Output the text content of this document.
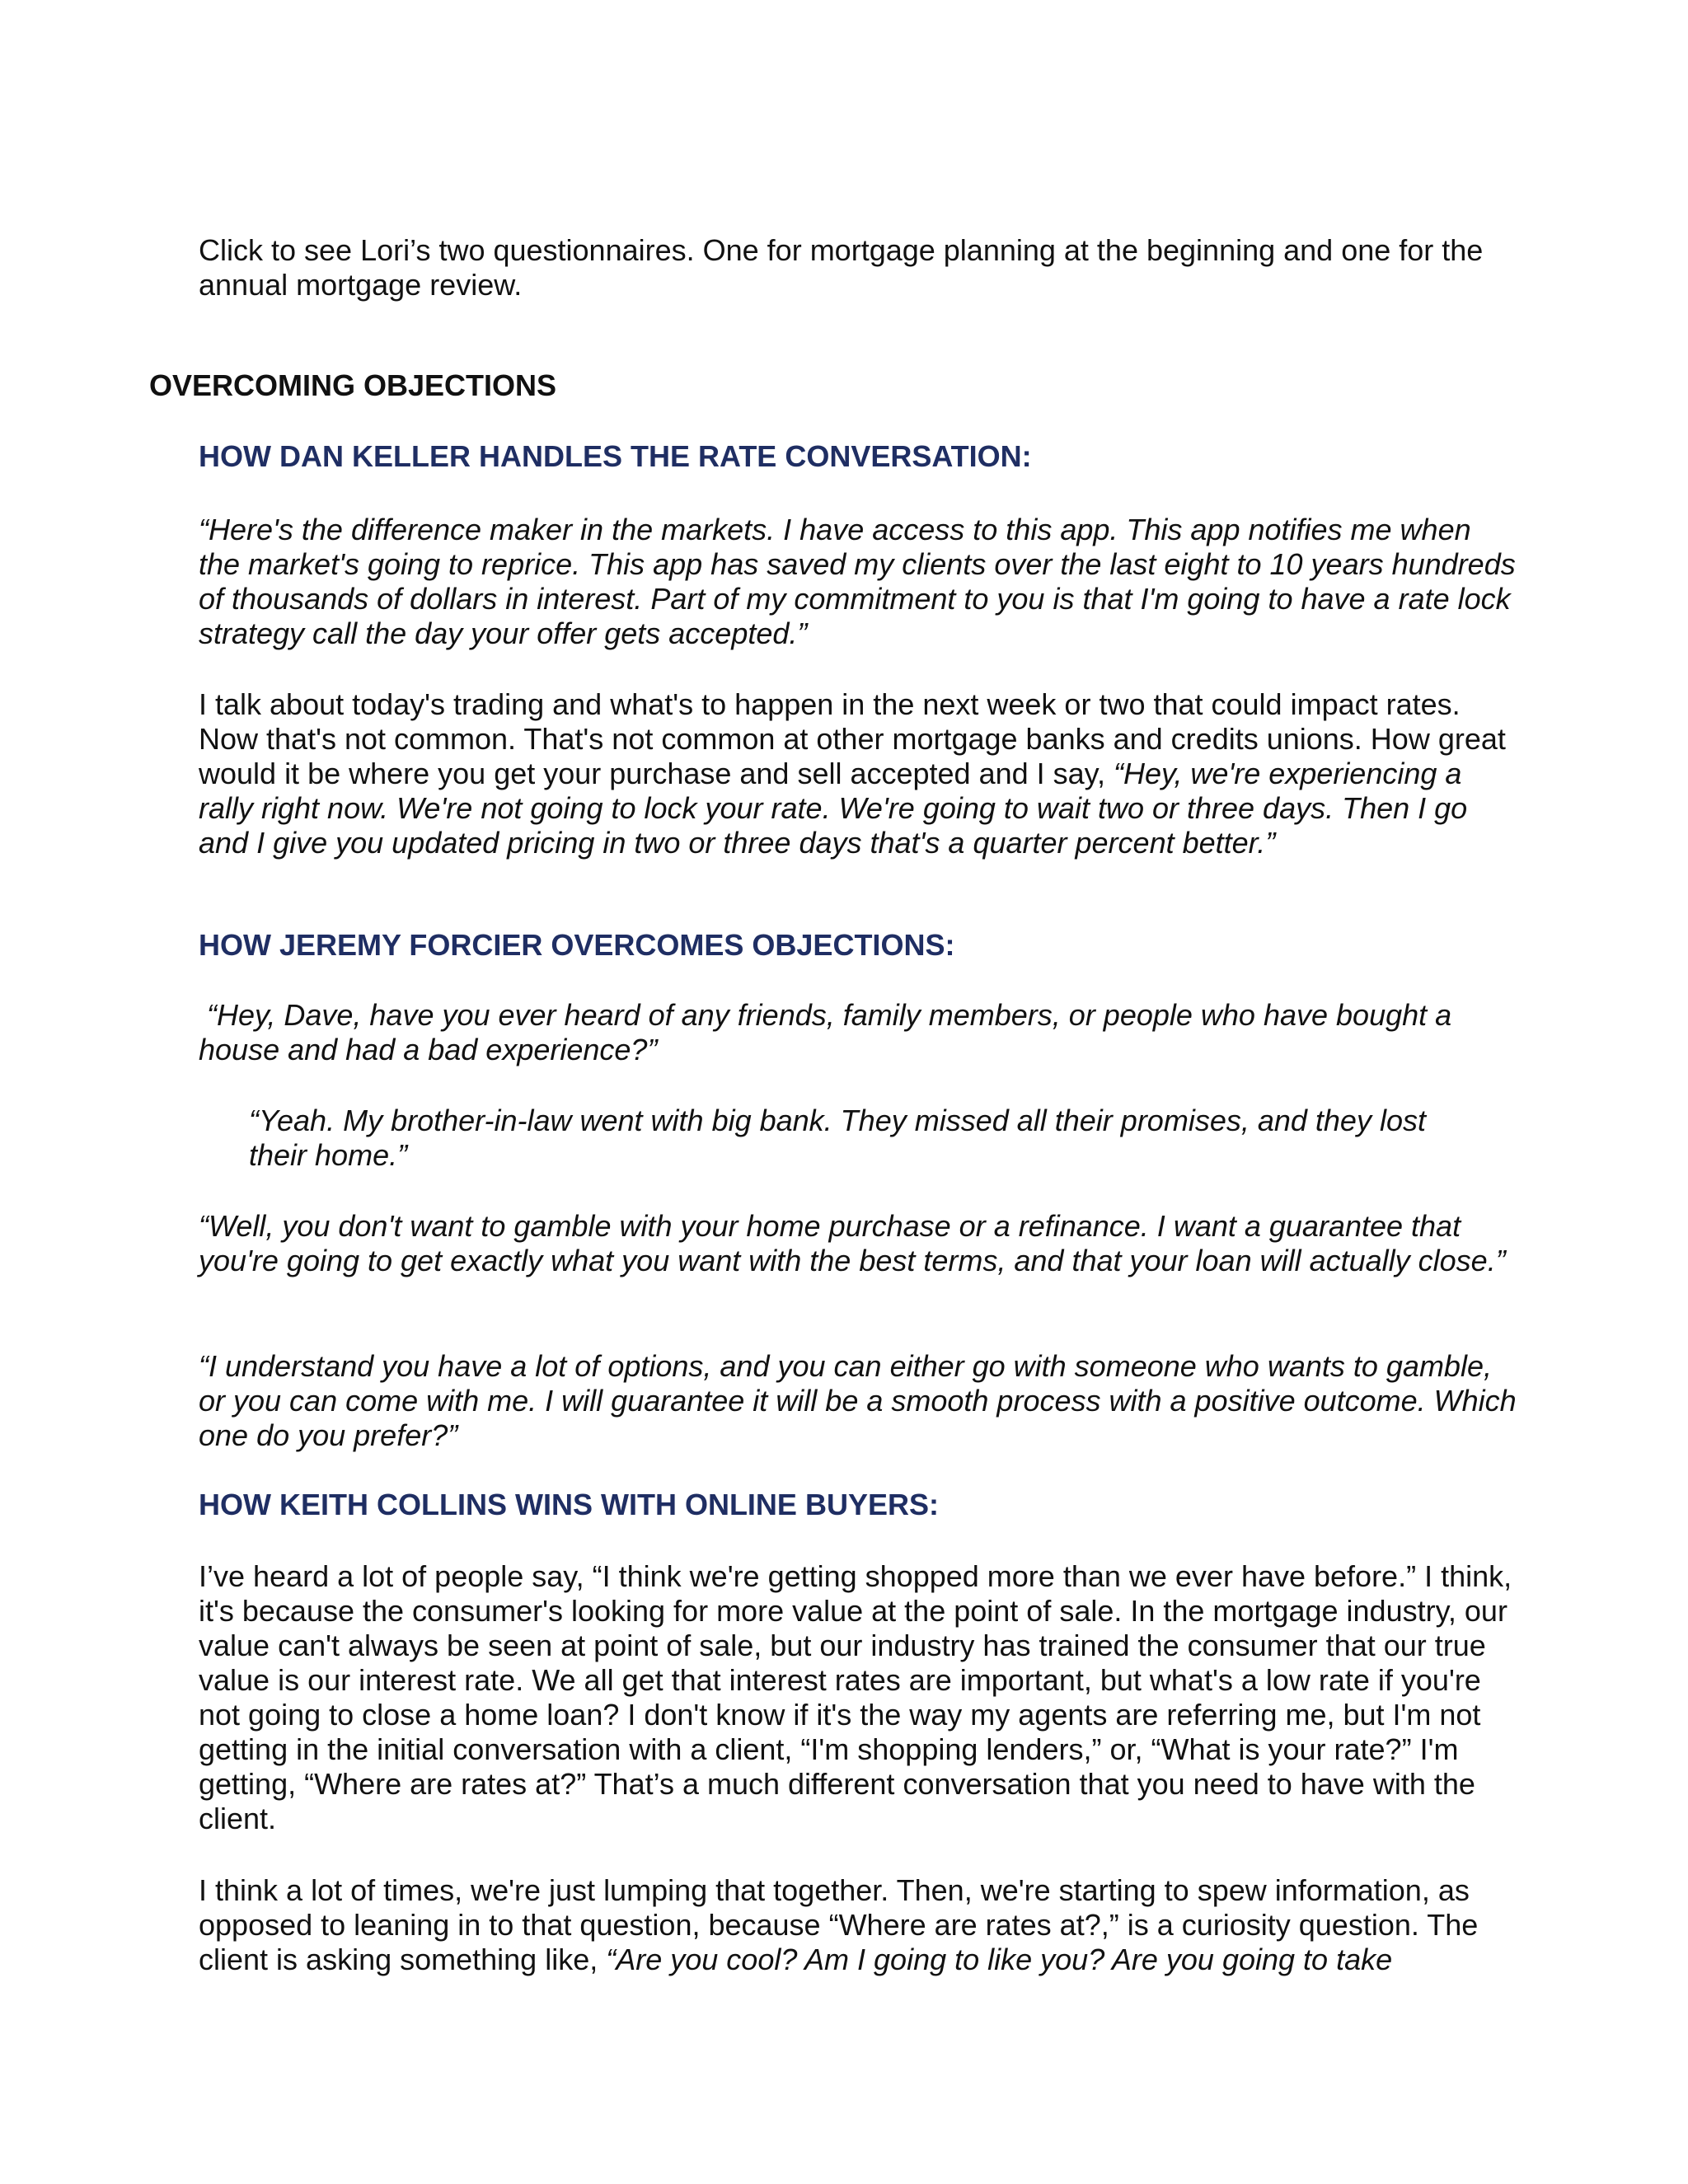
Click to see Lori’s two questionnaires. One for mortgage planning at the beginning and one for the annual mortgage review.

OVERCOMING OBJECTIONS
HOW DAN KELLER HANDLES THE RATE CONVERSATION:

“Here's the difference maker in the markets. I have access to this app. This app notifies me when the market's going to reprice. This app has saved my clients over the last eight to 10 years hundreds of thousands of dollars in interest. Part of my commitment to you is that I'm going to have a rate lock strategy call the day your offer gets accepted.”

I talk about today's trading and what's to happen in the next week or two that could impact rates. Now that's not common. That's not common at other mortgage banks and credits unions. How great would it be where you get your purchase and sell accepted and I say, “Hey, we're experiencing a rally right now. We're not going to lock your rate. We're going to wait two or three days. Then I go and I give you updated pricing in two or three days that's a quarter percent better.”

HOW JEREMY FORCIER OVERCOMES OBJECTIONS:

“Hey, Dave, have you ever heard of any friends, family members, or people who have bought a house and had a bad experience?”

“Yeah. My brother-in-law went with big bank. They missed all their promises, and they lost their home.”

“Well, you don't want to gamble with your home purchase or a refinance. I want a guarantee that you're going to get exactly what you want with the best terms, and that your loan will actually close.”

“I understand you have a lot of options, and you can either go with someone who wants to gamble, or you can come with me. I will guarantee it will be a smooth process with a positive outcome. Which one do you prefer?”

HOW KEITH COLLINS WINS WITH ONLINE BUYERS:

I’ve heard a lot of people say, “I think we're getting shopped more than we ever have before.” I think, it's because the consumer's looking for more value at the point of sale. In the mortgage industry, our value can't always be seen at point of sale, but our industry has trained the consumer that our true value is our interest rate. We all get that interest rates are important, but what's a low rate if you're not going to close a home loan? I don't know if it's the way my agents are referring me, but I'm not getting in the initial conversation with a client, “I'm shopping lenders,” or, “What is your rate?” I'm getting, “Where are rates at?” That’s a much different conversation that you need to have with the client.

I think a lot of times, we're just lumping that together. Then, we're starting to spew information, as opposed to leaning in to that question, because “Where are rates at?,” is a curiosity question. The client is asking something like, “Are you cool? Am I going to like you? Are you going to take
